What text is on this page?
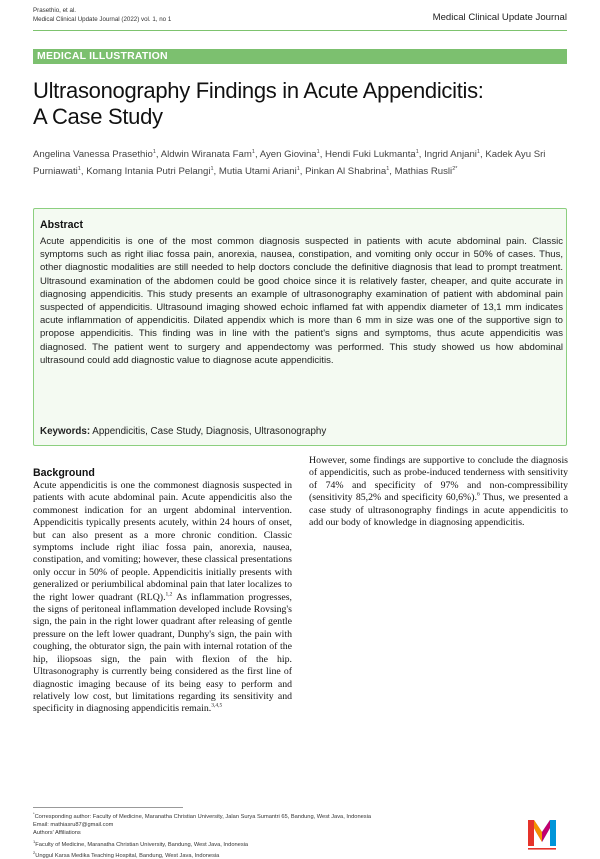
Prasethio, et al.
Medical Clinical Update Journal (2022) vol. 1, no 1	Medical Clinical Update Journal
MEDICAL ILLUSTRATION
Ultrasonography Findings in Acute Appendicitis:
A Case Study
Angelina Vanessa Prasethio$^1$, Aldwin Wiranata Fam$^1$, Ayen Giovina$^1$, Hendi Fuki Lukmanta$^1$, Ingrid Anjani$^1$, Kadek Ayu Sri Purniawati$^1$, Komang Intania Putri Pelangi$^1$, Mutia Utami Ariani$^1$, Pinkan Al Shabrina$^1$, Mathias Rusli$^{2*}$
Abstract
Acute appendicitis is one of the most common diagnosis suspected in patients with acute abdominal pain. Classic symptoms such as right iliac fossa pain, anorexia, nausea, constipation, and vomiting only occur in 50% of cases. Thus, other diagnostic modalities are still needed to help doctors conclude the definitive diagnosis that lead to prompt treatment. Ultrasound examination of the abdomen could be good choice since it is relatively faster, cheaper, and quite accurate in diagnosing appendicitis. This study presents an example of ultrasonography examination of patient with abdominal pain suspected of appendicitis. Ultrasound imaging showed echoic inflamed fat with appendix diameter of 13,1 mm indicates acute inflammation of appendicitis. Dilated appendix which is more than 6 mm in size was one of the supportive sign to propose appendicitis. This finding was in line with the patient's signs and symptoms, thus acute appendicitis was diagnosed. The patient went to surgery and appendectomy was performed. This study showed us how abdominal ultrasound could add diagnostic value to diagnose acute appendicitis.
Keywords: Appendicitis, Case Study, Diagnosis, Ultrasonography
Background
Acute appendicitis is one the commonest diagnosis suspected in patients with acute abdominal pain. Acute appendicitis also the commonest indication for an urgent abdominal intervention. Appendicitis typically presents acutely, within 24 hours of onset, but can also present as a more chronic condition. Classic symptoms include right iliac fossa pain, anorexia, nausea, constipation, and vomiting; however, these classical presentations only occur in 50% of people. Appendicitis initially presents with generalized or periumbilical abdominal pain that later localizes to the right lower quadrant (RLQ).$^{1,2}$ As inflammation progresses, the signs of peritoneal inflammation developed include Rovsing's sign, the pain in the right lower quadrant after releasing of gentle pressure on the left lower quadrant, Dunphy's sign, the pain with coughing, the obturator sign, the pain with internal rotation of the hip, iliopsoas sign, the pain with flexion of the hip. Ultrasonography is currently being considered as the first line of diagnostic imaging because of its being easy to perform and relatively low cost, but limitations regarding its sensitivity and specificity in diagnosing appendicitis remain.$^{3,4,5}$
However, some findings are supportive to conclude the diagnosis of appendicitis, such as probe-induced tenderness with sensitivity of 74% and specificity of 97% and non-compressibility (sensitivity 85,2% and specificity 60,6%).$^6$ Thus, we presented a case study of ultrasonography findings in acute appendicitis to add our body of knowledge in diagnosing appendicitis.
*Corresponding author: Faculty of Medicine, Maranatha Christian University, Jalan Surya Sumantri 65, Bandung, West Java, Indonesia
Email: mathiasru87@gmail.com
Authors' Affiliations
$^1$Faculty of Medicine, Maranatha Christian University, Bandung, West Java, Indonesia
$^2$Unggul Karsa Medika Teaching Hospital, Bandung, West Java, Indonesia
